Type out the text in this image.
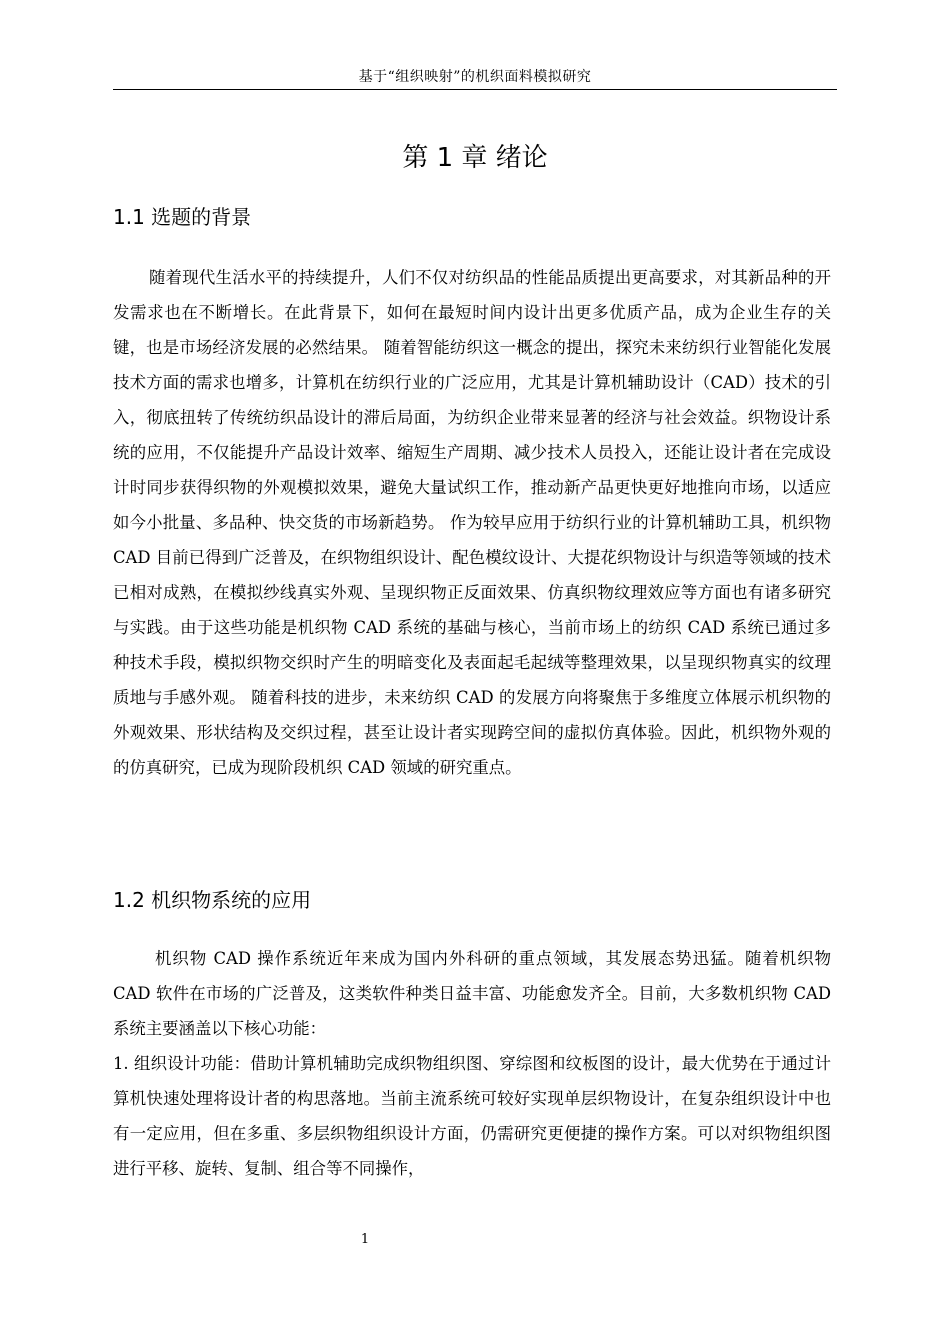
基于“组织映射”的机织面料模拟研究
第 1 章 绪论
1.1 选题的背景

随着现代生活水平的持续提升，人们不仅对纺织品的性能品质提出更高要求，对其新品种的开发需求也在不断增长。在此背景下，如何在最短时间内设计出更多优质产品，成为企业生存的关键，也是市场经济发展的必然结果。 随着智能纺织这一概念的提出，探究未来纺织行业智能化发展技术方面的需求也增多，计算机在纺织行业的广泛应用，尤其是计算机辅助设计（CAD）技术的引入，彻底扭转了传统纺织品设计的滞后局面，为纺织企业带来显著的经济与社会效益。织物设计系统的应用，不仅能提升产品设计效率、缩短生产周期、减少技术人员投入，还能让设计者在完成设计时同步获得织物的外观模拟效果，避免大量试织工作，推动新产品更快更好地推向市场，以适应如今小批量、多品种、快交货的市场新趋势。 作为较早应用于纺织行业的计算机辅助工具，机织物 CAD 目前已得到广泛普及，在织物组织设计、配色模纹设计、大提花织物设计与织造等领域的技术已相对成熟，在模拟纱线真实外观、呈现织物正反面效果、仿真织物纹理效应等方面也有诸多研究与实践。由于这些功能是机织物 CAD 系统的基础与核心，当前市场上的纺织 CAD 系统已通过多种技术手段，模拟织物交织时产生的明暗变化及表面起毛起绒等整理效果，以呈现织物真实的纹理质地与手感外观。 随着科技的进步，未来纺织 CAD 的发展方向将聚焦于多维度立体展示机织物的外观效果、形状结构及交织过程，甚至让设计者实现跨空间的虚拟仿真体验。因此，机织物外观的的仿真研究，已成为现阶段机织 CAD 领域的研究重点。

1.2 机织物系统的应用

机织物 CAD 操作系统近年来成为国内外科研的重点领域，其发展态势迅猛。随着机织物 CAD 软件在市场的广泛普及，这类软件种类日益丰富、功能愈发齐全。目前，大多数机织物 CAD 系统主要涵盖以下核心功能：

1. 组织设计功能：借助计算机辅助完成织物组织图、穿综图和纹板图的设计，最大优势在于通过计算机快速处理将设计者的构思落地。当前主流系统可较好实现单层织物设计，在复杂组织设计中也有一定应用，但在多重、多层织物组织设计方面，仍需研究更便捷的操作方案。可以对织物组织图进行平移、旋转、复制、组合等不同操作，

1
